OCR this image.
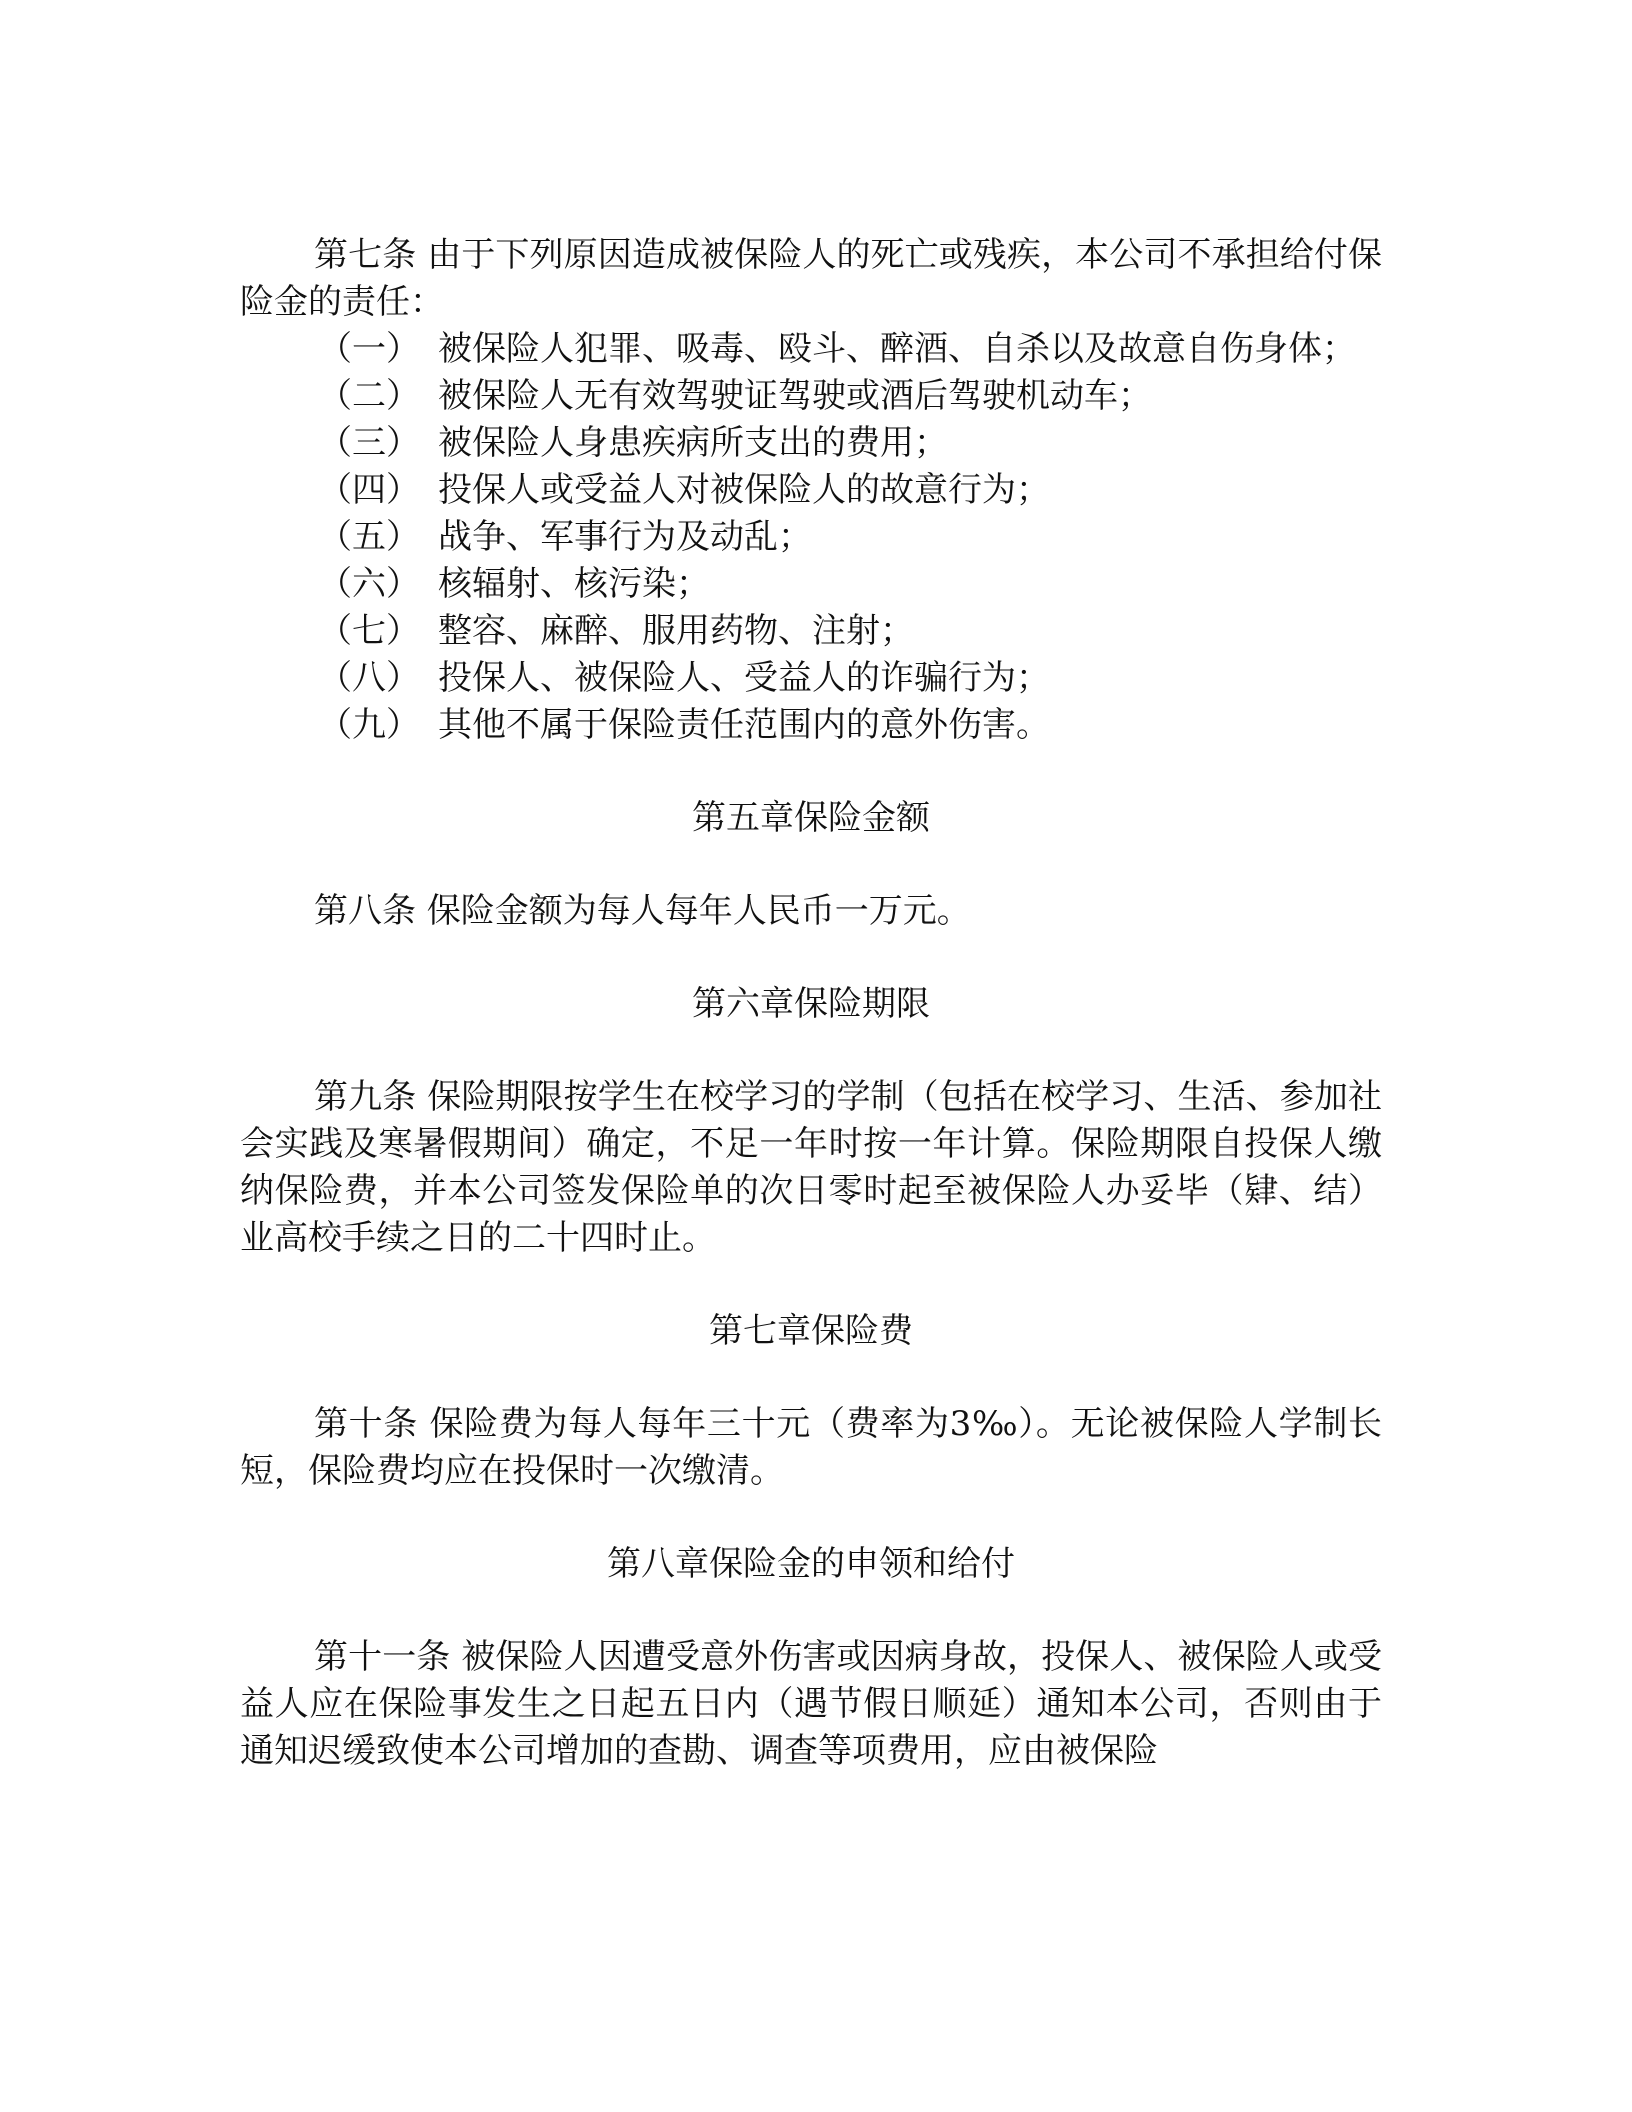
第七条 由于下列原因造成被保险人的死亡或残疾，本公司不承担给付保险金的责任：

（一） 被保险人犯罪、吸毒、殴斗、醉酒、自杀以及故意自伤身体；

（二） 被保险人无有效驾驶证驾驶或酒后驾驶机动车；

（三） 被保险人身患疾病所支出的费用；

（四） 投保人或受益人对被保险人的故意行为；

（五） 战争、军事行为及动乱；

（六） 核辐射、核污染；

（七） 整容、麻醉、服用药物、注射；

（八） 投保人、被保险人、受益人的诈骗行为；

（九） 其他不属于保险责任范围内的意外伤害。

第五章保险金额

第八条 保险金额为每人每年人民币一万元。

第六章保险期限

第九条 保险期限按学生在校学习的学制（包括在校学习、生活、参加社会实践及寒暑假期间）确定，不足一年时按一年计算。保险期限自投保人缴纳保险费，并本公司签发保险单的次日零时起至被保险人办妥毕（肄、结）业高校手续之日的二十四时止。

第七章保险费

第十条 保险费为每人每年三十元（费率为3‰）。无论被保险人学制长短，保险费均应在投保时一次缴清。

第八章保险金的申领和给付

第十一条 被保险人因遭受意外伤害或因病身故，投保人、被保险人或受益人应在保险事发生之日起五日内（遇节假日顺延）通知本公司，否则由于通知迟缓致使本公司增加的查勘、调查等项费用，应由被保险
